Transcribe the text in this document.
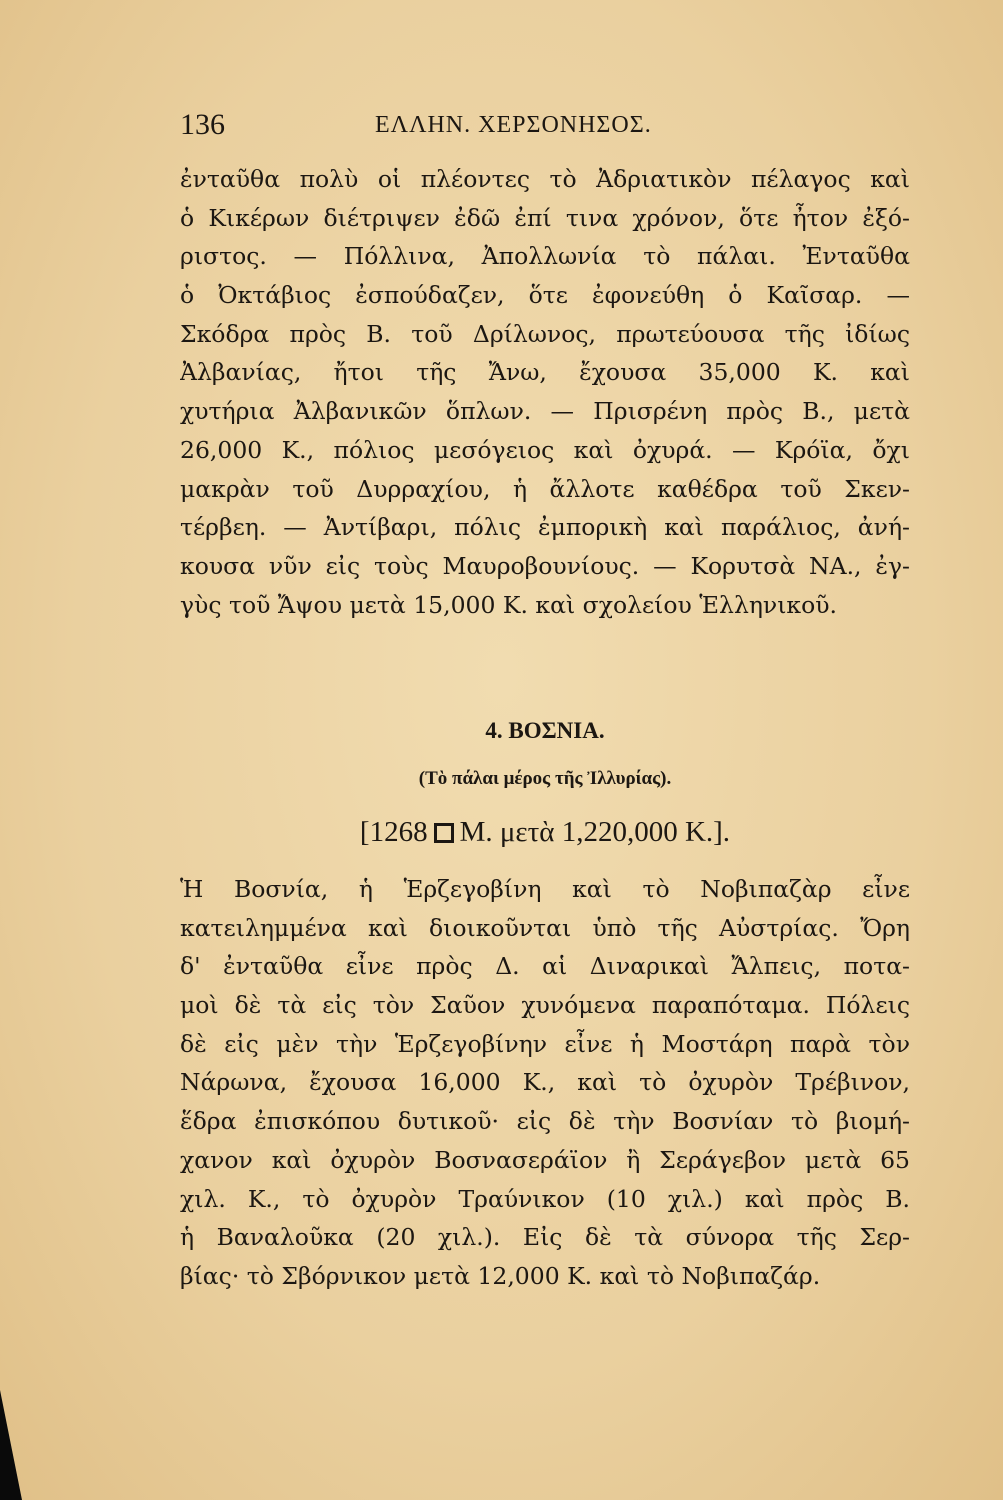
136	ΕΛΛΗΝ. ΧΕΡΣΟΝΗΣΟΣ.
ἐνταῦθα πολὺ οἱ πλέοντες τὸ Ἀδριατικὸν πέλαγος καὶ
ὁ Κικέρων διέτριψεν ἐδῶ ἐπί τινα χρόνον, ὅτε ἦτον ἐξό-
ριστος. — Πόλλινα, Ἀπολλωνία τὸ πάλαι. Ἐνταῦθα
ὁ Ὀκτάβιος ἐσπούδαζεν, ὅτε ἐφονεύθη ὁ Καῖσαρ. —
Σκόδρα πρὸς Β. τοῦ Δρίλωνος, πρωτεύουσα τῆς ἰδίως
Ἀλβανίας, ἤτοι τῆς Ἄνω, ἔχουσα 35,000 Κ. καὶ
χυτήρια Ἀλβανικῶν ὅπλων. — Πρισρένη πρὸς Β., μετὰ
26,000 Κ., πόλιος μεσόγειος καὶ ὀχυρά. — Κρόϊα, ὄχι
μακρὰν τοῦ Δυρραχίου, ἡ ἄλλοτε καθέδρα τοῦ Σκεν-
τέρβεη. — Ἀντίβαρι, πόλις ἐμπορικὴ καὶ παράλιος, ἀνή-
κουσα νῦν εἰς τοὺς Μαυροβουνίους. — Κορυτσὰ ΝΑ., ἐγ-
γὺς τοῦ Ἄψου μετὰ 15,000 Κ. καὶ σχολείου Ἑλληνικοῦ.
4. ΒΟΣΝΙΑ.
(Τὸ πάλαι μέρος τῆς Ἰλλυρίας).
[1268 Μ. μετὰ 1,220,000 Κ.].
Ἡ Βοσνία, ἡ Ἑρζεγοβίνη καὶ τὸ Νοβιπαζὰρ εἶνε
κατειλημμένα καὶ διοικοῦνται ὑπὸ τῆς Αὐστρίας. Ὄρη
δ' ἐνταῦθα εἶνε πρὸς Δ. αἱ Διναρικαὶ Ἄλπεις, ποτα-
μοὶ δὲ τὰ εἰς τὸν Σαῦον χυνόμενα παραπόταμα. Πόλεις
δὲ εἰς μὲν τὴν Ἑρζεγοβίνην εἶνε ἡ Μοστάρη παρὰ τὸν
Νάρωνα, ἔχουσα 16,000 Κ., καὶ τὸ ὀχυρὸν Τρέβινον,
ἕδρα ἐπισκόπου δυτικοῦ· εἰς δὲ τὴν Βοσνίαν τὸ βιομή-
χανον καὶ ὀχυρὸν Βοσνασεράϊον ἢ Σεράγεβον μετὰ 65
χιλ. Κ., τὸ ὀχυρὸν Τραύνικον (10 χιλ.) καὶ πρὸς Β.
ἡ Βαναλοῦκα (20 χιλ.). Εἰς δὲ τὰ σύνορα τῆς Σερ-
βίας· τὸ Σβόρνικον μετὰ 12,000 Κ. καὶ τὸ Νοβιπαζάρ.
